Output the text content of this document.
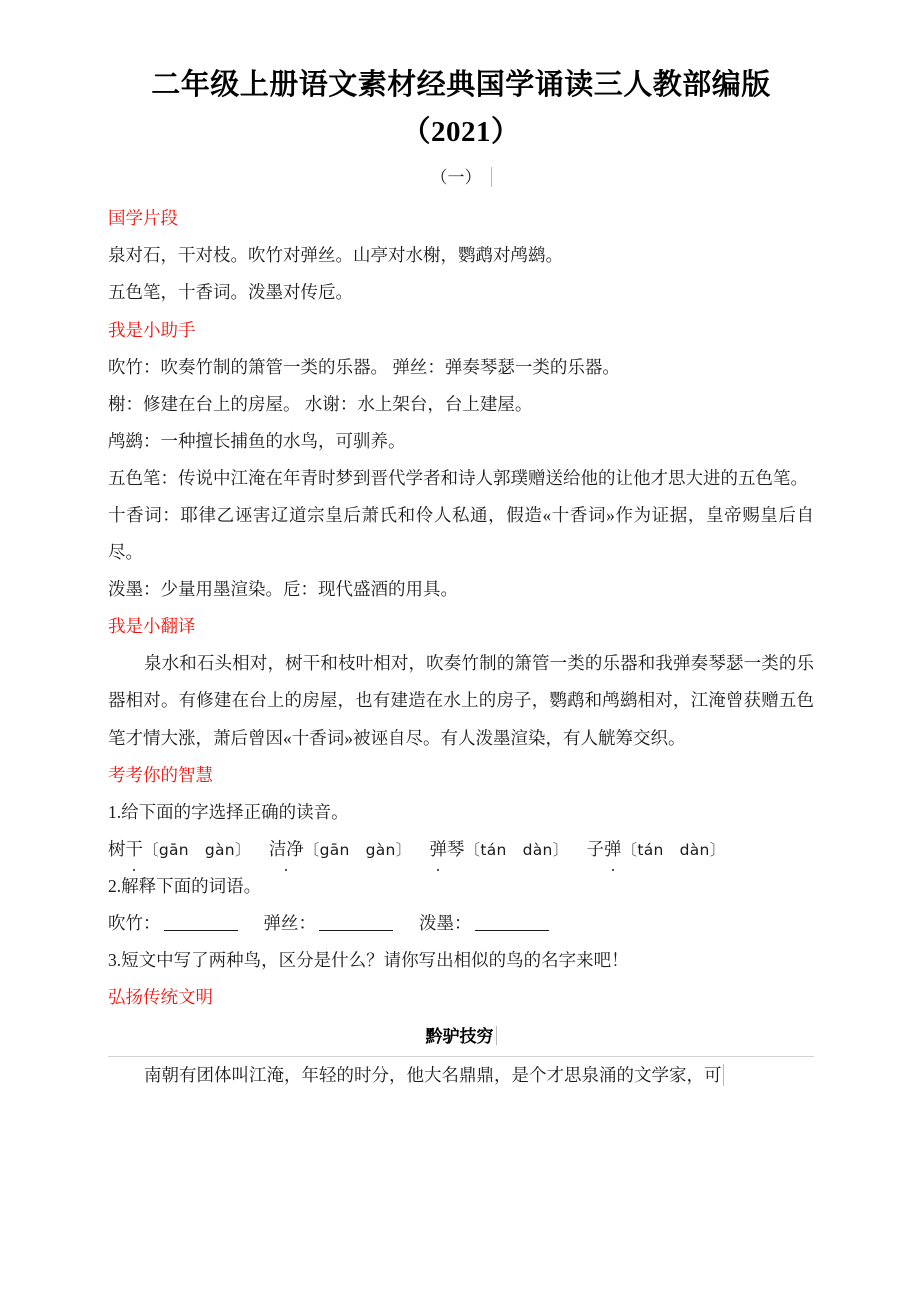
二年级上册语文素材经典国学诵读三人教部编版
（2021）
（一）

国学片段

泉对石，干对枝。吹竹对弹丝。山亭对水榭，鹦鹉对鸬鹚。

五色笔，十香词。泼墨对传卮。

我是小助手

吹竹：吹奏竹制的箫管一类的乐器。 弹丝：弹奏琴瑟一类的乐器。

榭：修建在台上的房屋。 水谢：水上架台，台上建屋。

鸬鹚：一种擅长捕鱼的水鸟，可驯养。

五色笔：传说中江淹在年青时梦到晋代学者和诗人郭璞赠送给他的让他才思大进的五色笔。

十香词：耶律乙诬害辽道宗皇后萧氏和伶人私通，假造«十香词»作为证据，皇帝赐皇后自尽。

泼墨：少量用墨渲染。卮：现代盛酒的用具。

我是小翻译

泉水和石头相对，树干和枝叶相对，吹奏竹制的箫管一类的乐器和我弹奏琴瑟一类的乐器相对。有修建在台上的房屋，也有建造在水上的房子，鹦鹉和鸬鹚相对，江淹曾获赠五色笔才情大涨，萧后曾因«十香词»被诬自尽。有人泼墨渲染，有人觥筹交织。

考考你的智慧

1.给下面的字选择正确的读音。

树干〔gān gàn〕 洁净〔gān gàn〕 弹琴〔tán dàn〕 子弹〔tán dàn〕

2.解释下面的词语。

吹竹：	弹丝：	泼墨：

3.短文中写了两种鸟，区分是什么？请你写出相似的鸟的名字来吧！

弘扬传统文明

黔驴技穷

南朝有团体叫江淹，年轻的时分，他大名鼎鼎，是个才思泉涌的文学家，可
